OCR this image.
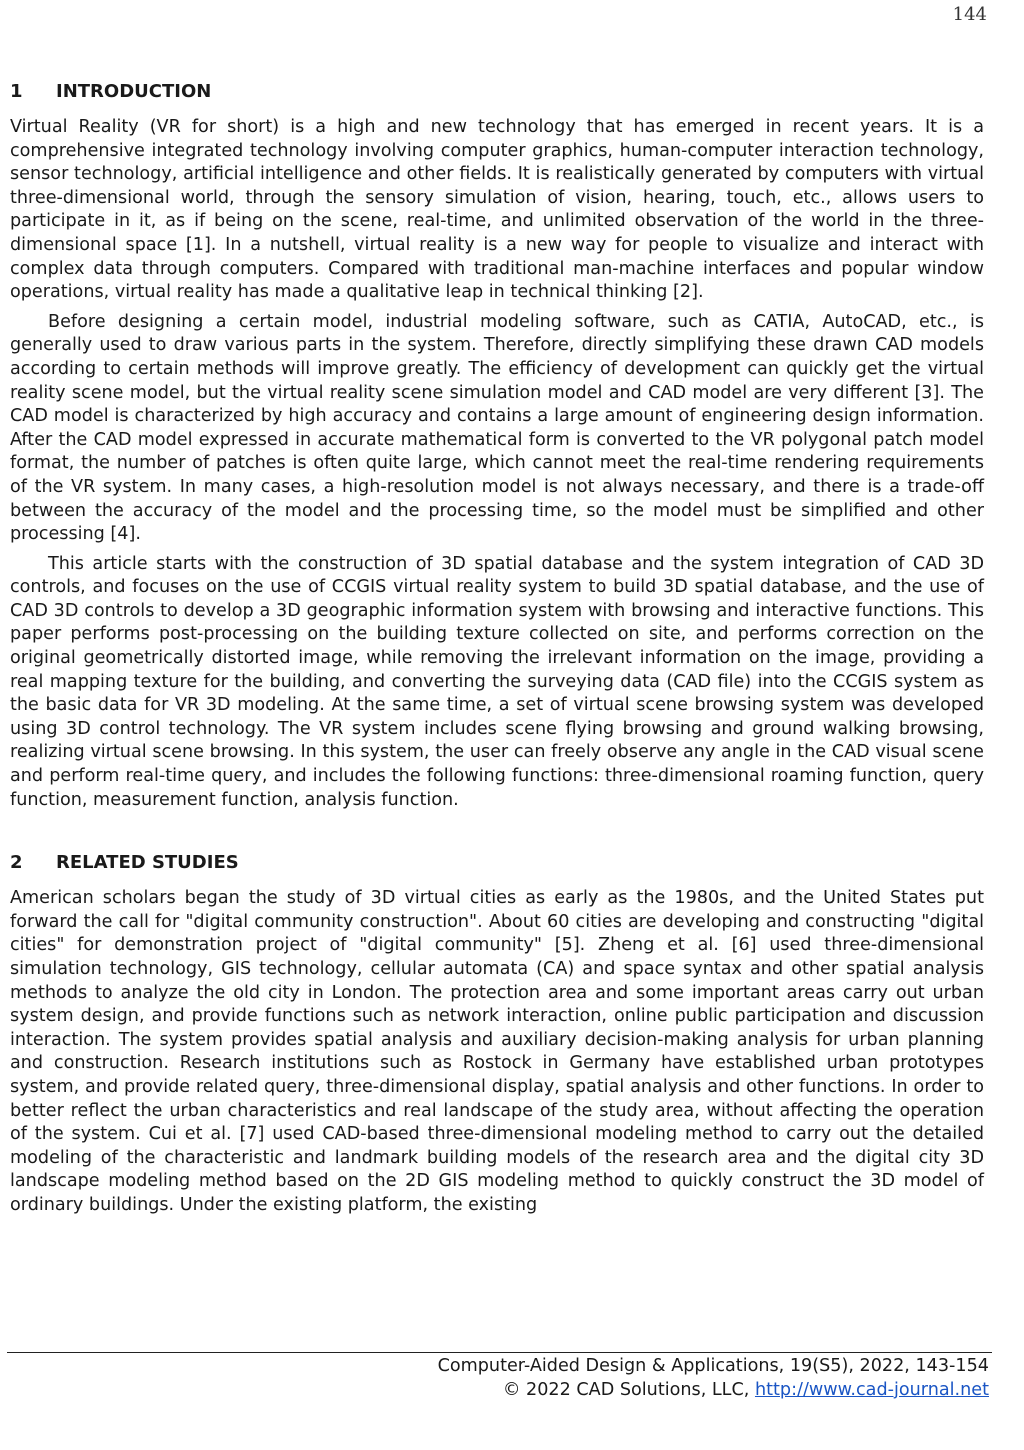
144
1	INTRODUCTION

Virtual Reality (VR for short) is a high and new technology that has emerged in recent years. It is a comprehensive integrated technology involving computer graphics, human-computer interaction technology, sensor technology, artificial intelligence and other fields. It is realistically generated by computers with virtual three-dimensional world, through the sensory simulation of vision, hearing, touch, etc., allows users to participate in it, as if being on the scene, real-time, and unlimited observation of the world in the three-dimensional space [1]. In a nutshell, virtual reality is a new way for people to visualize and interact with complex data through computers. Compared with traditional man-machine interfaces and popular window operations, virtual reality has made a qualitative leap in technical thinking [2].

Before designing a certain model, industrial modeling software, such as CATIA, AutoCAD, etc., is generally used to draw various parts in the system. Therefore, directly simplifying these drawn CAD models according to certain methods will improve greatly. The efficiency of development can quickly get the virtual reality scene model, but the virtual reality scene simulation model and CAD model are very different [3]. The CAD model is characterized by high accuracy and contains a large amount of engineering design information. After the CAD model expressed in accurate mathematical form is converted to the VR polygonal patch model format, the number of patches is often quite large, which cannot meet the real-time rendering requirements of the VR system. In many cases, a high-resolution model is not always necessary, and there is a trade-off between the accuracy of the model and the processing time, so the model must be simplified and other processing [4].

This article starts with the construction of 3D spatial database and the system integration of CAD 3D controls, and focuses on the use of CCGIS virtual reality system to build 3D spatial database, and the use of CAD 3D controls to develop a 3D geographic information system with browsing and interactive functions. This paper performs post-processing on the building texture collected on site, and performs correction on the original geometrically distorted image, while removing the irrelevant information on the image, providing a real mapping texture for the building, and converting the surveying data (CAD file) into the CCGIS system as the basic data for VR 3D modeling. At the same time, a set of virtual scene browsing system was developed using 3D control technology. The VR system includes scene flying browsing and ground walking browsing, realizing virtual scene browsing. In this system, the user can freely observe any angle in the CAD visual scene and perform real-time query, and includes the following functions: three-dimensional roaming function, query function, measurement function, analysis function.

2	RELATED STUDIES

American scholars began the study of 3D virtual cities as early as the 1980s, and the United States put forward the call for "digital community construction". About 60 cities are developing and constructing "digital cities" for demonstration project of "digital community" [5]. Zheng et al. [6] used three-dimensional simulation technology, GIS technology, cellular automata (CA) and space syntax and other spatial analysis methods to analyze the old city in London. The protection area and some important areas carry out urban system design, and provide functions such as network interaction, online public participation and discussion interaction. The system provides spatial analysis and auxiliary decision-making analysis for urban planning and construction. Research institutions such as Rostock in Germany have established urban prototypes system, and provide related query, three-dimensional display, spatial analysis and other functions. In order to better reflect the urban characteristics and real landscape of the study area, without affecting the operation of the system. Cui et al. [7] used CAD-based three-dimensional modeling method to carry out the detailed modeling of the characteristic and landmark building models of the research area and the digital city 3D landscape modeling method based on the 2D GIS modeling method to quickly construct the 3D model of ordinary buildings. Under the existing platform, the existing

Computer-Aided Design & Applications, 19(S5), 2022, 143-154
© 2022 CAD Solutions, LLC, http://www.cad-journal.net
